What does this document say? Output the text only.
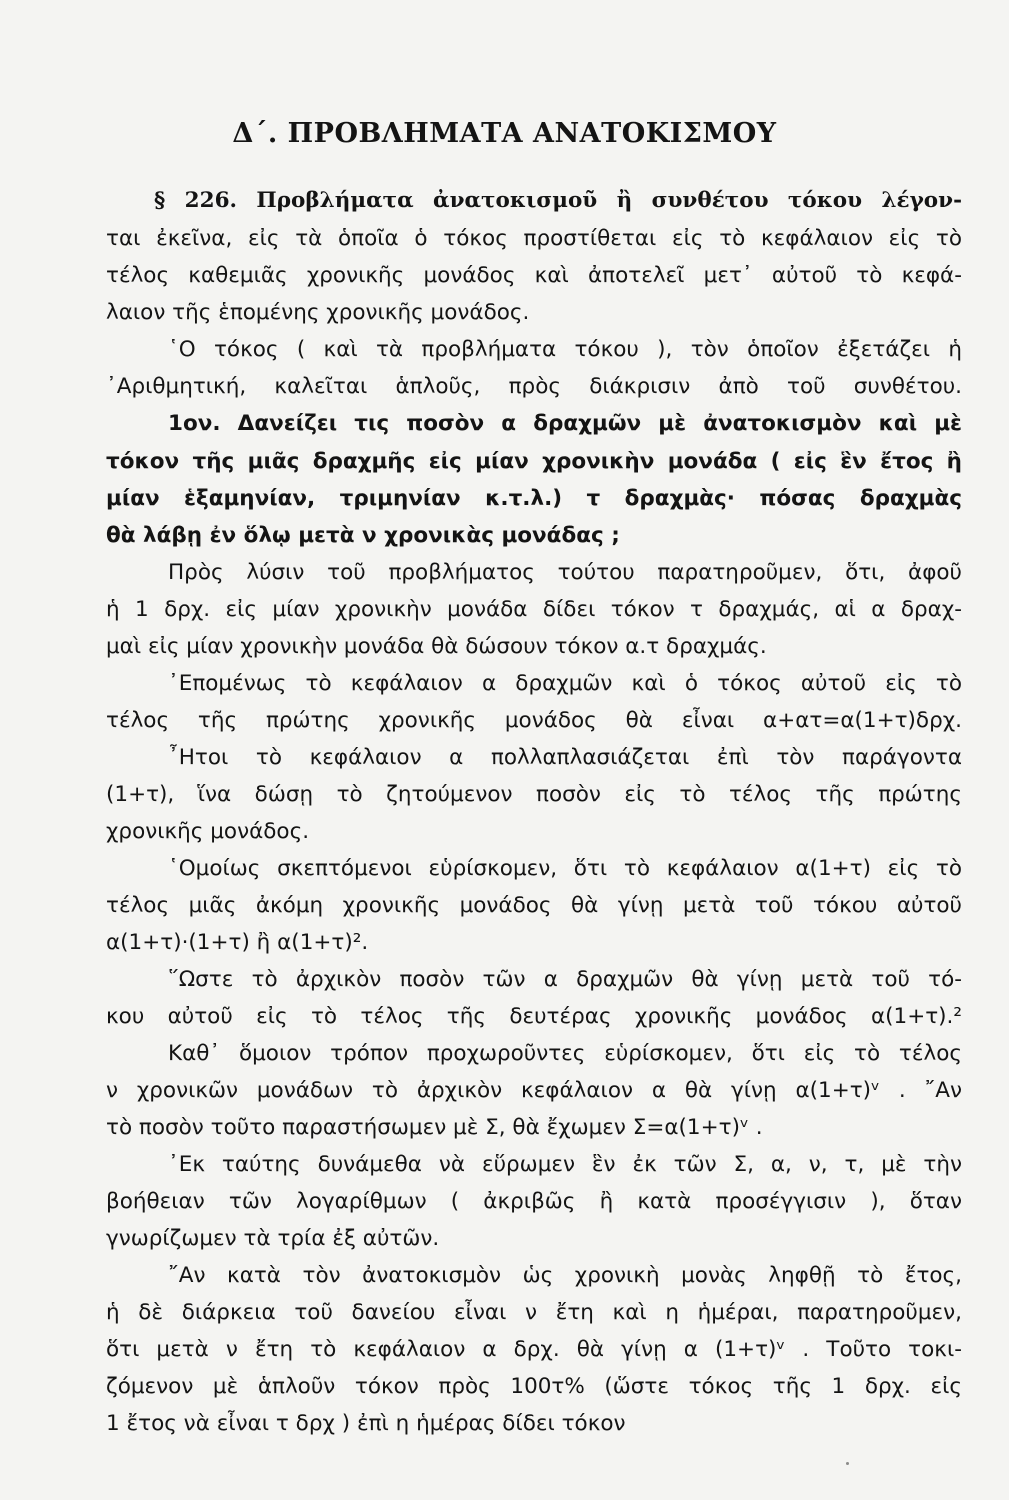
Δ΄. ΠΡΟΒΛΗΜΑΤΑ ΑΝΑΤΟΚΙΣΜΟΥ
§ 226. Προβλήματα ἀνατοκισμοῦ ἢ συνθέτου τόκου λέγον-
ται ἐκεῖνα, εἰς τὰ ὁποῖα ὁ τόκος προστίθεται εἰς τὸ κεφάλαιον εἰς τὸ
τέλος καθεμιᾶς χρονικῆς μονάδος καὶ ἀποτελεῖ μετ᾿ αὐτοῦ τὸ κεφά-
λαιον τῆς ἑπομένης χρονικῆς μονάδος.
῾Ο τόκος ( καὶ τὰ προβλήματα τόκου ), τὸν ὁποῖον ἐξετάζει ἡ
᾿Αριθμητική, καλεῖται ἁπλοῦς, πρὸς διάκρισιν ἀπὸ τοῦ συνθέτου.
1ον. Δανείζει τις ποσὸν α δραχμῶν μὲ ἀνατοκισμὸν καὶ μὲ
τόκον τῆς μιᾶς δραχμῆς εἰς μίαν χρονικὴν μονάδα ( εἰς ἓν ἔτος ἢ
μίαν ἑξαμηνίαν, τριμηνίαν κ.τ.λ.) τ δραχμὰς· πόσας δραχμὰς
θὰ λάβῃ ἐν ὅλῳ μετὰ ν χρονικὰς μονάδας ;
Πρὸς λύσιν τοῦ προβλήματος τούτου παρατηροῦμεν, ὅτι, ἀφοῦ
ἡ 1 δρχ. εἰς μίαν χρονικὴν μονάδα δίδει τόκον τ δραχμάς, αἱ α δραχ-
μαὶ εἰς μίαν χρονικὴν μονάδα θὰ δώσουν τόκον α.τ δραχμάς.
᾿Επομένως τὸ κεφάλαιον α δραχμῶν καὶ ὁ τόκος αὐτοῦ εἰς τὸ
τέλος τῆς πρώτης χρονικῆς μονάδος θὰ εἶναι α+ατ=α(1+τ)δρχ.
῏Ητοι τὸ κεφάλαιον α πολλαπλασιάζεται ἐπὶ τὸν παράγοντα
(1+τ), ἵνα δώσῃ τὸ ζητούμενον ποσὸν εἰς τὸ τέλος τῆς πρώτης
χρονικῆς μονάδος.
῾Ομοίως σκεπτόμενοι εὑρίσκομεν, ὅτι τὸ κεφάλαιον α(1+τ) εἰς τὸ
τέλος μιᾶς ἀκόμη χρονικῆς μονάδος θὰ γίνῃ μετὰ τοῦ τόκου αὐτοῦ
α(1+τ)·(1+τ) ἢ α(1+τ)².
῞Ωστε τὸ ἀρχικὸν ποσὸν τῶν α δραχμῶν θὰ γίνῃ μετὰ τοῦ τό-
κου αὐτοῦ εἰς τὸ τέλος τῆς δευτέρας χρονικῆς μονάδος α(1+τ).²
Καθ᾿ ὅμοιον τρόπον προχωροῦντες εὑρίσκομεν, ὅτι εἰς τὸ τέλος
ν χρονικῶν μονάδων τὸ ἀρχικὸν κεφάλαιον α θὰ γίνῃ α(1+τ)ᵛ . ῎Αν
τὸ ποσὸν τοῦτο παραστήσωμεν μὲ Σ, θὰ ἔχωμεν Σ=α(1+τ)ᵛ .
᾿Εκ ταύτης δυνάμεθα νὰ εὕρωμεν ἓν ἐκ τῶν Σ, α, ν, τ, μὲ τὴν
βοήθειαν τῶν λογαρίθμων ( ἀκριβῶς ἢ κατὰ προσέγγισιν ), ὅταν
γνωρίζωμεν τὰ τρία ἐξ αὐτῶν.
῎Αν κατὰ τὸν ἀνατοκισμὸν ὡς χρονικὴ μονὰς ληφθῇ τὸ ἔτος,
ἡ δὲ διάρκεια τοῦ δανείου εἶναι ν ἔτη καὶ η ἡμέραι, παρατηροῦμεν,
ὅτι μετὰ ν ἔτη τὸ κεφάλαιον α δρχ. θὰ γίνῃ α (1+τ)ᵛ . Τοῦτο τοκι-
ζόμενον μὲ ἁπλοῦν τόκον πρὸς 100τ% (ὥστε τόκος τῆς 1 δρχ. εἰς
1 ἔτος νὰ εἶναι τ δρχ ) ἐπὶ η ἡμέρας δίδει τόκον
